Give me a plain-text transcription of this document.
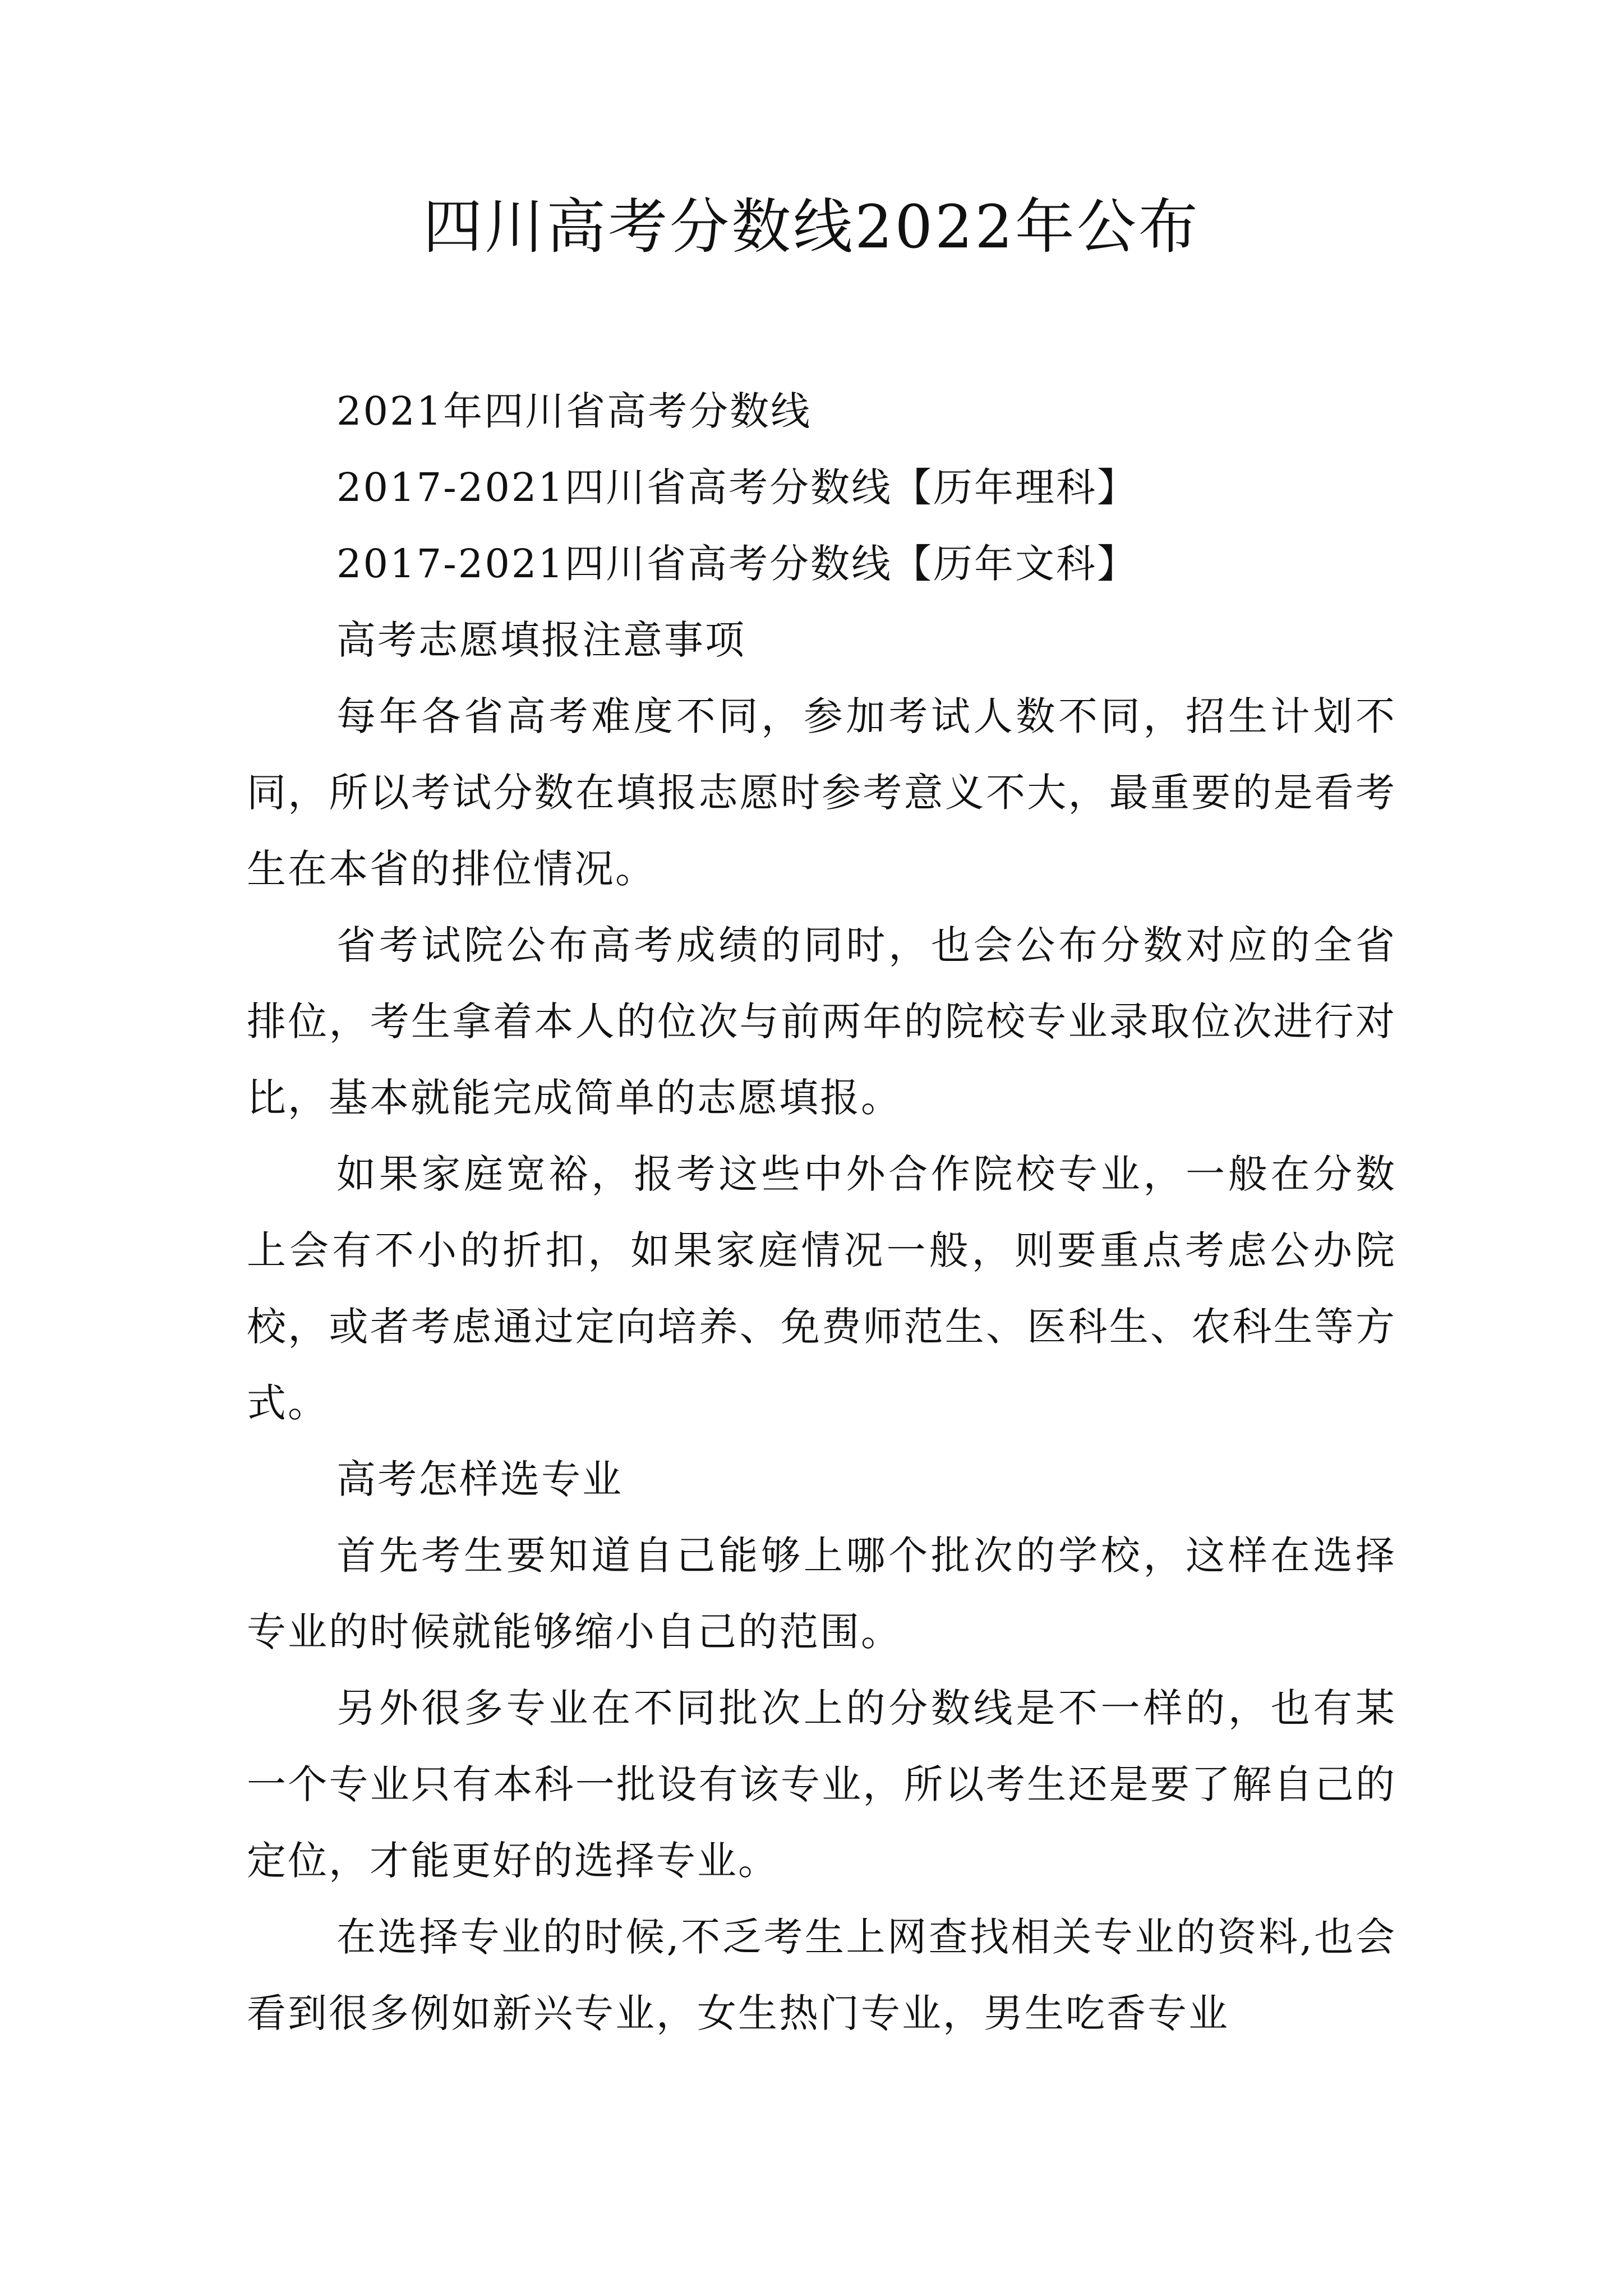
四川高考分数线2022年公布

2021年四川省高考分数线

2017-2021四川省高考分数线【历年理科】

2017-2021四川省高考分数线【历年文科】

高考志愿填报注意事项

每年各省高考难度不同，参加考试人数不同，招生计划不同，所以考试分数在填报志愿时参考意义不大，最重要的是看考生在本省的排位情况。

省考试院公布高考成绩的同时，也会公布分数对应的全省排位，考生拿着本人的位次与前两年的院校专业录取位次进行对比，基本就能完成简单的志愿填报。

如果家庭宽裕，报考这些中外合作院校专业，一般在分数上会有不小的折扣，如果家庭情况一般，则要重点考虑公办院校，或者考虑通过定向培养、免费师范生、医科生、农科生等方式。

高考怎样选专业

首先考生要知道自己能够上哪个批次的学校，这样在选择专业的时候就能够缩小自己的范围。

另外很多专业在不同批次上的分数线是不一样的，也有某一个专业只有本科一批设有该专业，所以考生还是要了解自己的定位，才能更好的选择专业。

在选择专业的时候,不乏考生上网查找相关专业的资料,也会看到很多例如新兴专业，女生热门专业，男生吃香专业
